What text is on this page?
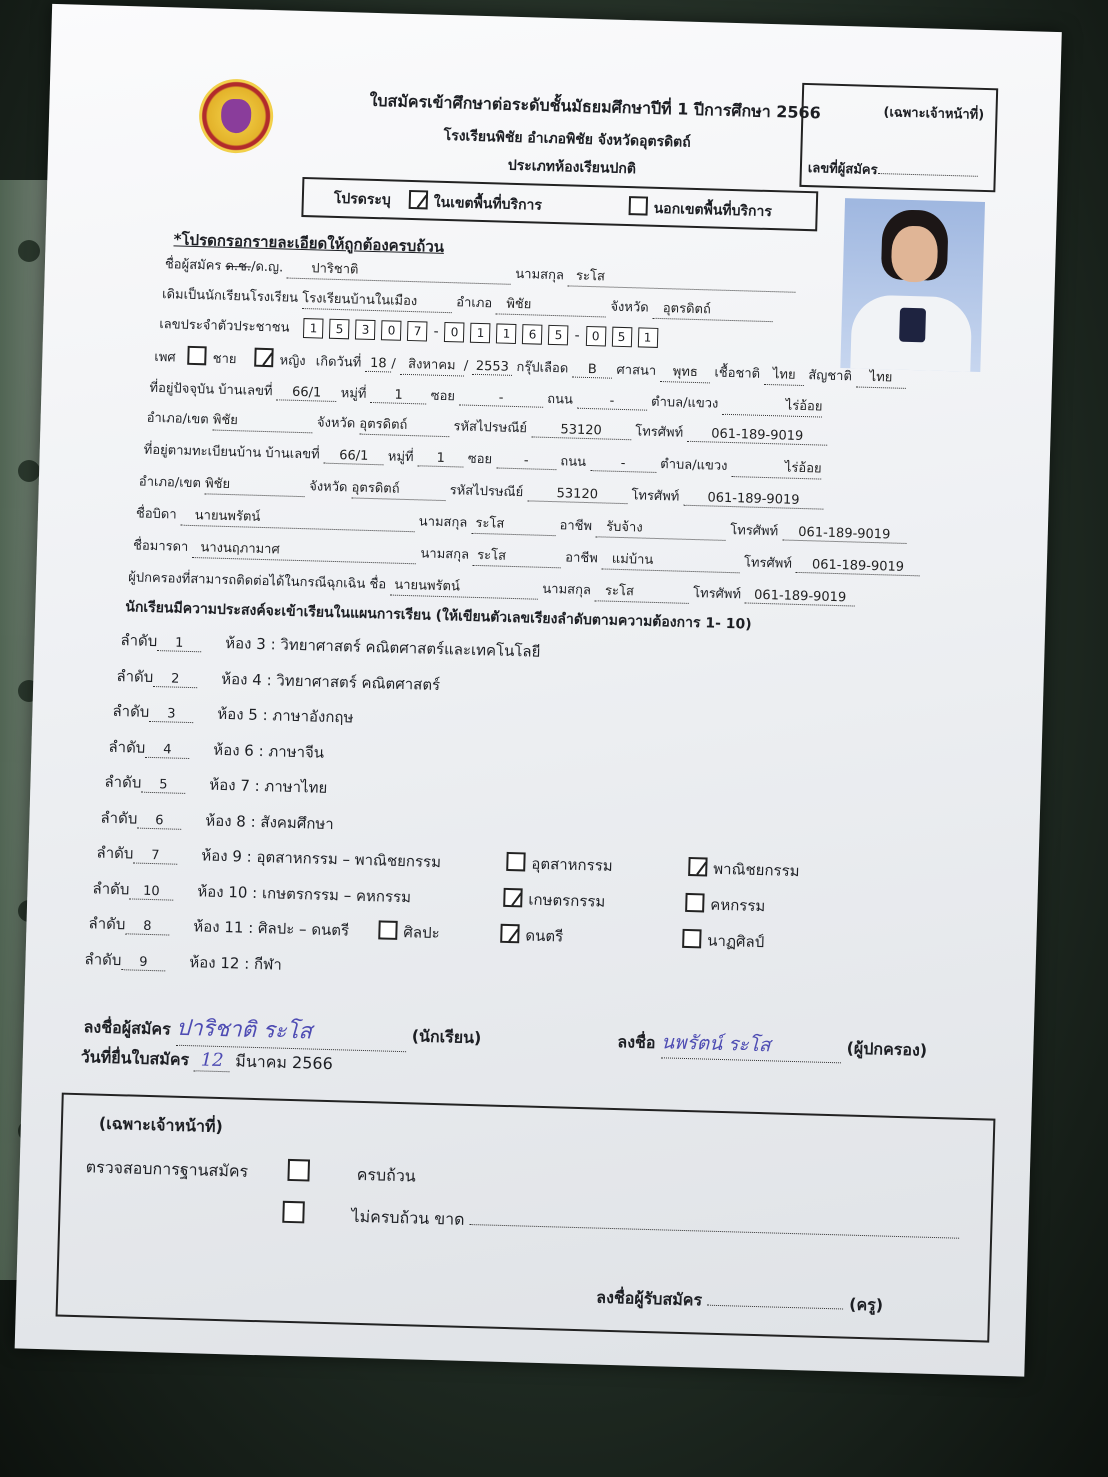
ใบสมัครเข้าศึกษาต่อระดับชั้นมัธยมศึกษาปีที่ 1 ปีการศึกษา 2566
โรงเรียนพิชัย อำเภอพิชัย จังหวัดอุตรดิตถ์
ประเภทห้องเรียนปกติ
(เฉพาะเจ้าหน้าที่)
เลขที่ผู้สมัคร
โปรดระบุ	ในเขตพื้นที่บริการ	นอกเขตพื้นที่บริการ
*โปรดกรอกรายละเอียดให้ถูกต้องครบถ้วน
ชื่อผู้สมัคร ด.ช./ด.ญ. ปาริชาติ	นามสกุล ระโส
เดิมเป็นนักเรียนโรงเรียน โรงเรียนบ้านในเมือง	อำเภอ พิชัย	จังหวัด อุตรดิตถ์
เลขประจำตัวประชาชน 1 5 3 0 7 - 0 1 1 6 5 - 0 5 1
เพศ	ชาย	หญิง เกิดวันที่ 18 / สิงหาคม / 2553 กรุ๊ปเลือด B ศาสนา พุทธ เชื้อชาติ ไทย สัญชาติ ไทย
ที่อยู่ปัจจุบัน บ้านเลขที่ 66/1 หมู่ที่ 1 ซอย	-	ถนน	-	ตำบล/แขวง	ไร่อ้อย
อำเภอ/เขต พิชัย	จังหวัด อุตรดิตถ์	รหัสไปรษณีย์	53120	โทรศัพท์ 061-189-9019
ที่อยู่ตามทะเบียนบ้าน บ้านเลขที่ 66/1 หมู่ที่ 1 ซอย - ถนน	-	ตำบล/แขวง	ไร่อ้อย
อำเภอ/เขต พิชัย	จังหวัด อุตรดิตถ์	รหัสไปรษณีย์	53120	โทรศัพท์ 061-189-9019
ชื่อบิดา นายนพรัตน์	นามสกุล ระโส	อาชีพ รับจ้าง	โทรศัพท์ 061-189-9019
ชื่อมารดา นางนฤภามาศ	นามสกุล ระโส	อาชีพ แม่บ้าน	โทรศัพท์ 061-189-9019
ผู้ปกครองที่สามารถติดต่อได้ในกรณีฉุกเฉิน ชื่อ นายนพรัตน์	นามสกุล ระโส	โทรศัพท์ 061-189-9019
นักเรียนมีความประสงค์จะเข้าเรียนในแผนการเรียน (ให้เขียนตัวเลขเรียงลำดับตามความต้องการ 1- 10)
ลำดับ 1	ห้อง 3 : วิทยาศาสตร์ คณิตศาสตร์และเทคโนโลยี
ลำดับ 2	ห้อง 4 : วิทยาศาสตร์ คณิตศาสตร์
ลำดับ 3	ห้อง 5 : ภาษาอังกฤษ
ลำดับ 4	ห้อง 6 : ภาษาจีน
ลำดับ 5	ห้อง 7 : ภาษาไทย
ลำดับ 6	ห้อง 8 : สังคมศึกษา
ลำดับ 7	ห้อง 9 : อุตสาหกรรม – พาณิชยกรรม
ลำดับ 10 ห้อง 10 : เกษตรกรรม – คหกรรม
ลำดับ 8	ห้อง 11 : ศิลปะ – ดนตรี
ลำดับ 9	ห้อง 12 : กีฬา
อุตสาหกรรม	พาณิชยกรรม
เกษตรกรรม	คหกรรม
ศิลปะ	ดนตรี	นาฏศิลป์
ลงชื่อผู้สมัคร ปาริชาติ ระโส	(นักเรียน)	ลงชื่อ นพรัตน์ ระโส	(ผู้ปกครอง)
วันที่ยื่นใบสมัคร 12 มีนาคม 2566
(เฉพาะเจ้าหน้าที่)
ตรวจสอบการฐานสมัคร	ครบถ้วน
ไม่ครบถ้วน ขาด
ลงชื่อผู้รับสมัคร	(ครู)
